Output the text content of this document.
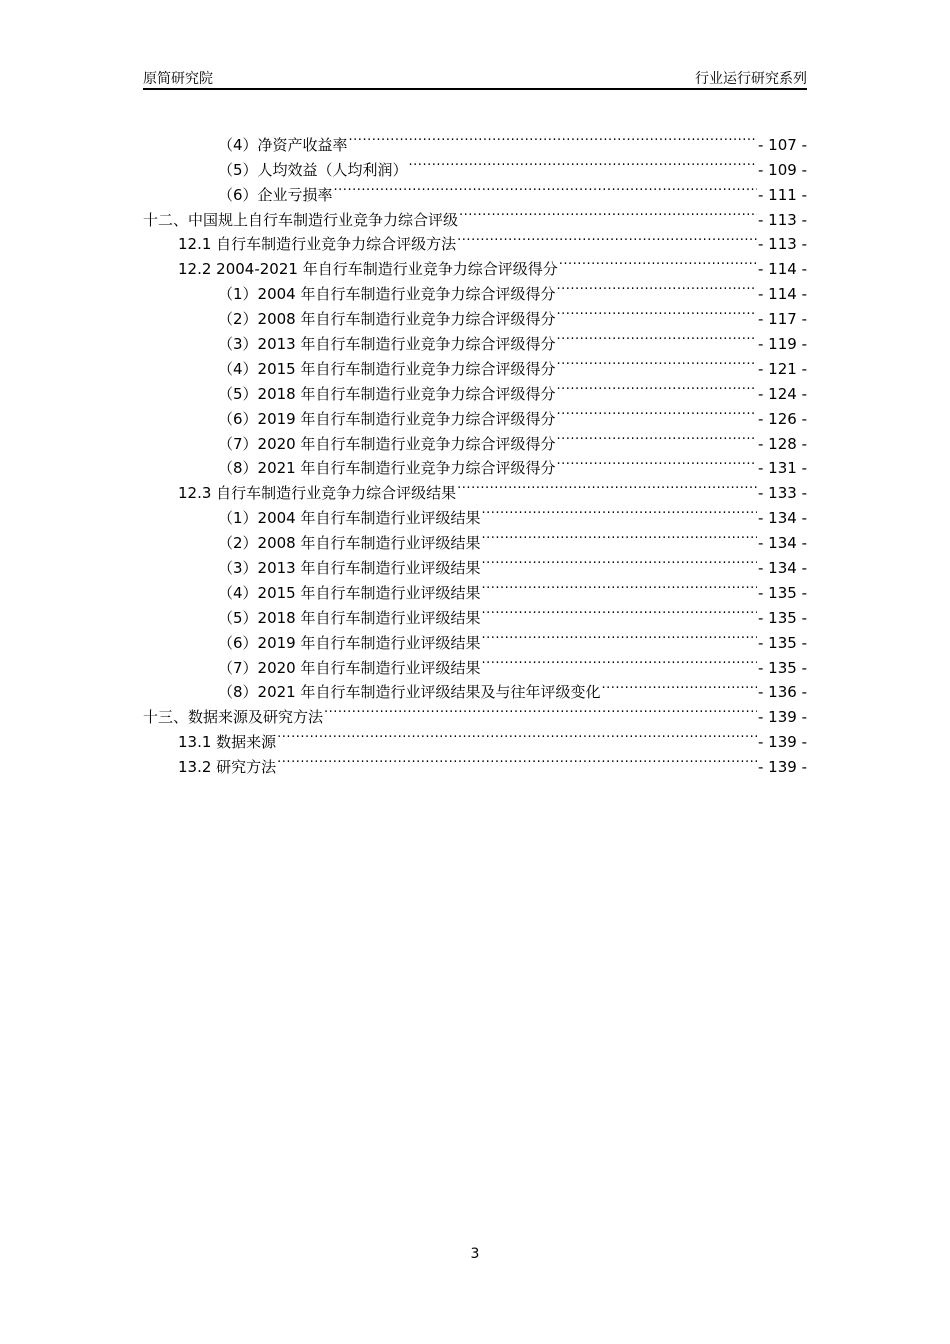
原简研究院	行业运行研究系列
（4）净资产收益率 .....	- 107 -
（5）人均效益（人均利润） .....	- 109 -
（6）企业亏损率 .....	- 111 -
十二、中国规上自行车制造行业竞争力综合评级 .....	- 113 -
12.1 自行车制造行业竞争力综合评级方法 .....	- 113 -
12.2 2004-2021 年自行车制造行业竞争力综合评级得分 .....	- 114 -
（1）2004 年自行车制造行业竞争力综合评级得分 .....	- 114 -
（2）2008 年自行车制造行业竞争力综合评级得分 .....	- 117 -
（3）2013 年自行车制造行业竞争力综合评级得分 .....	- 119 -
（4）2015 年自行车制造行业竞争力综合评级得分 .....	- 121 -
（5）2018 年自行车制造行业竞争力综合评级得分 .....	- 124 -
（6）2019 年自行车制造行业竞争力综合评级得分 .....	- 126 -
（7）2020 年自行车制造行业竞争力综合评级得分 .....	- 128 -
（8）2021 年自行车制造行业竞争力综合评级得分 .....	- 131 -
12.3 自行车制造行业竞争力综合评级结果 .....	- 133 -
（1）2004 年自行车制造行业评级结果 .....	- 134 -
（2）2008 年自行车制造行业评级结果 .....	- 134 -
（3）2013 年自行车制造行业评级结果 .....	- 134 -
（4）2015 年自行车制造行业评级结果 .....	- 135 -
（5）2018 年自行车制造行业评级结果 .....	- 135 -
（6）2019 年自行车制造行业评级结果 .....	- 135 -
（7）2020 年自行车制造行业评级结果 .....	- 135 -
（8）2021 年自行车制造行业评级结果及与往年评级变化 .....	- 136 -
十三、数据来源及研究方法 .....	- 139 -
13.1 数据来源 .....	- 139 -
13.2 研究方法 .....	- 139 -
3
